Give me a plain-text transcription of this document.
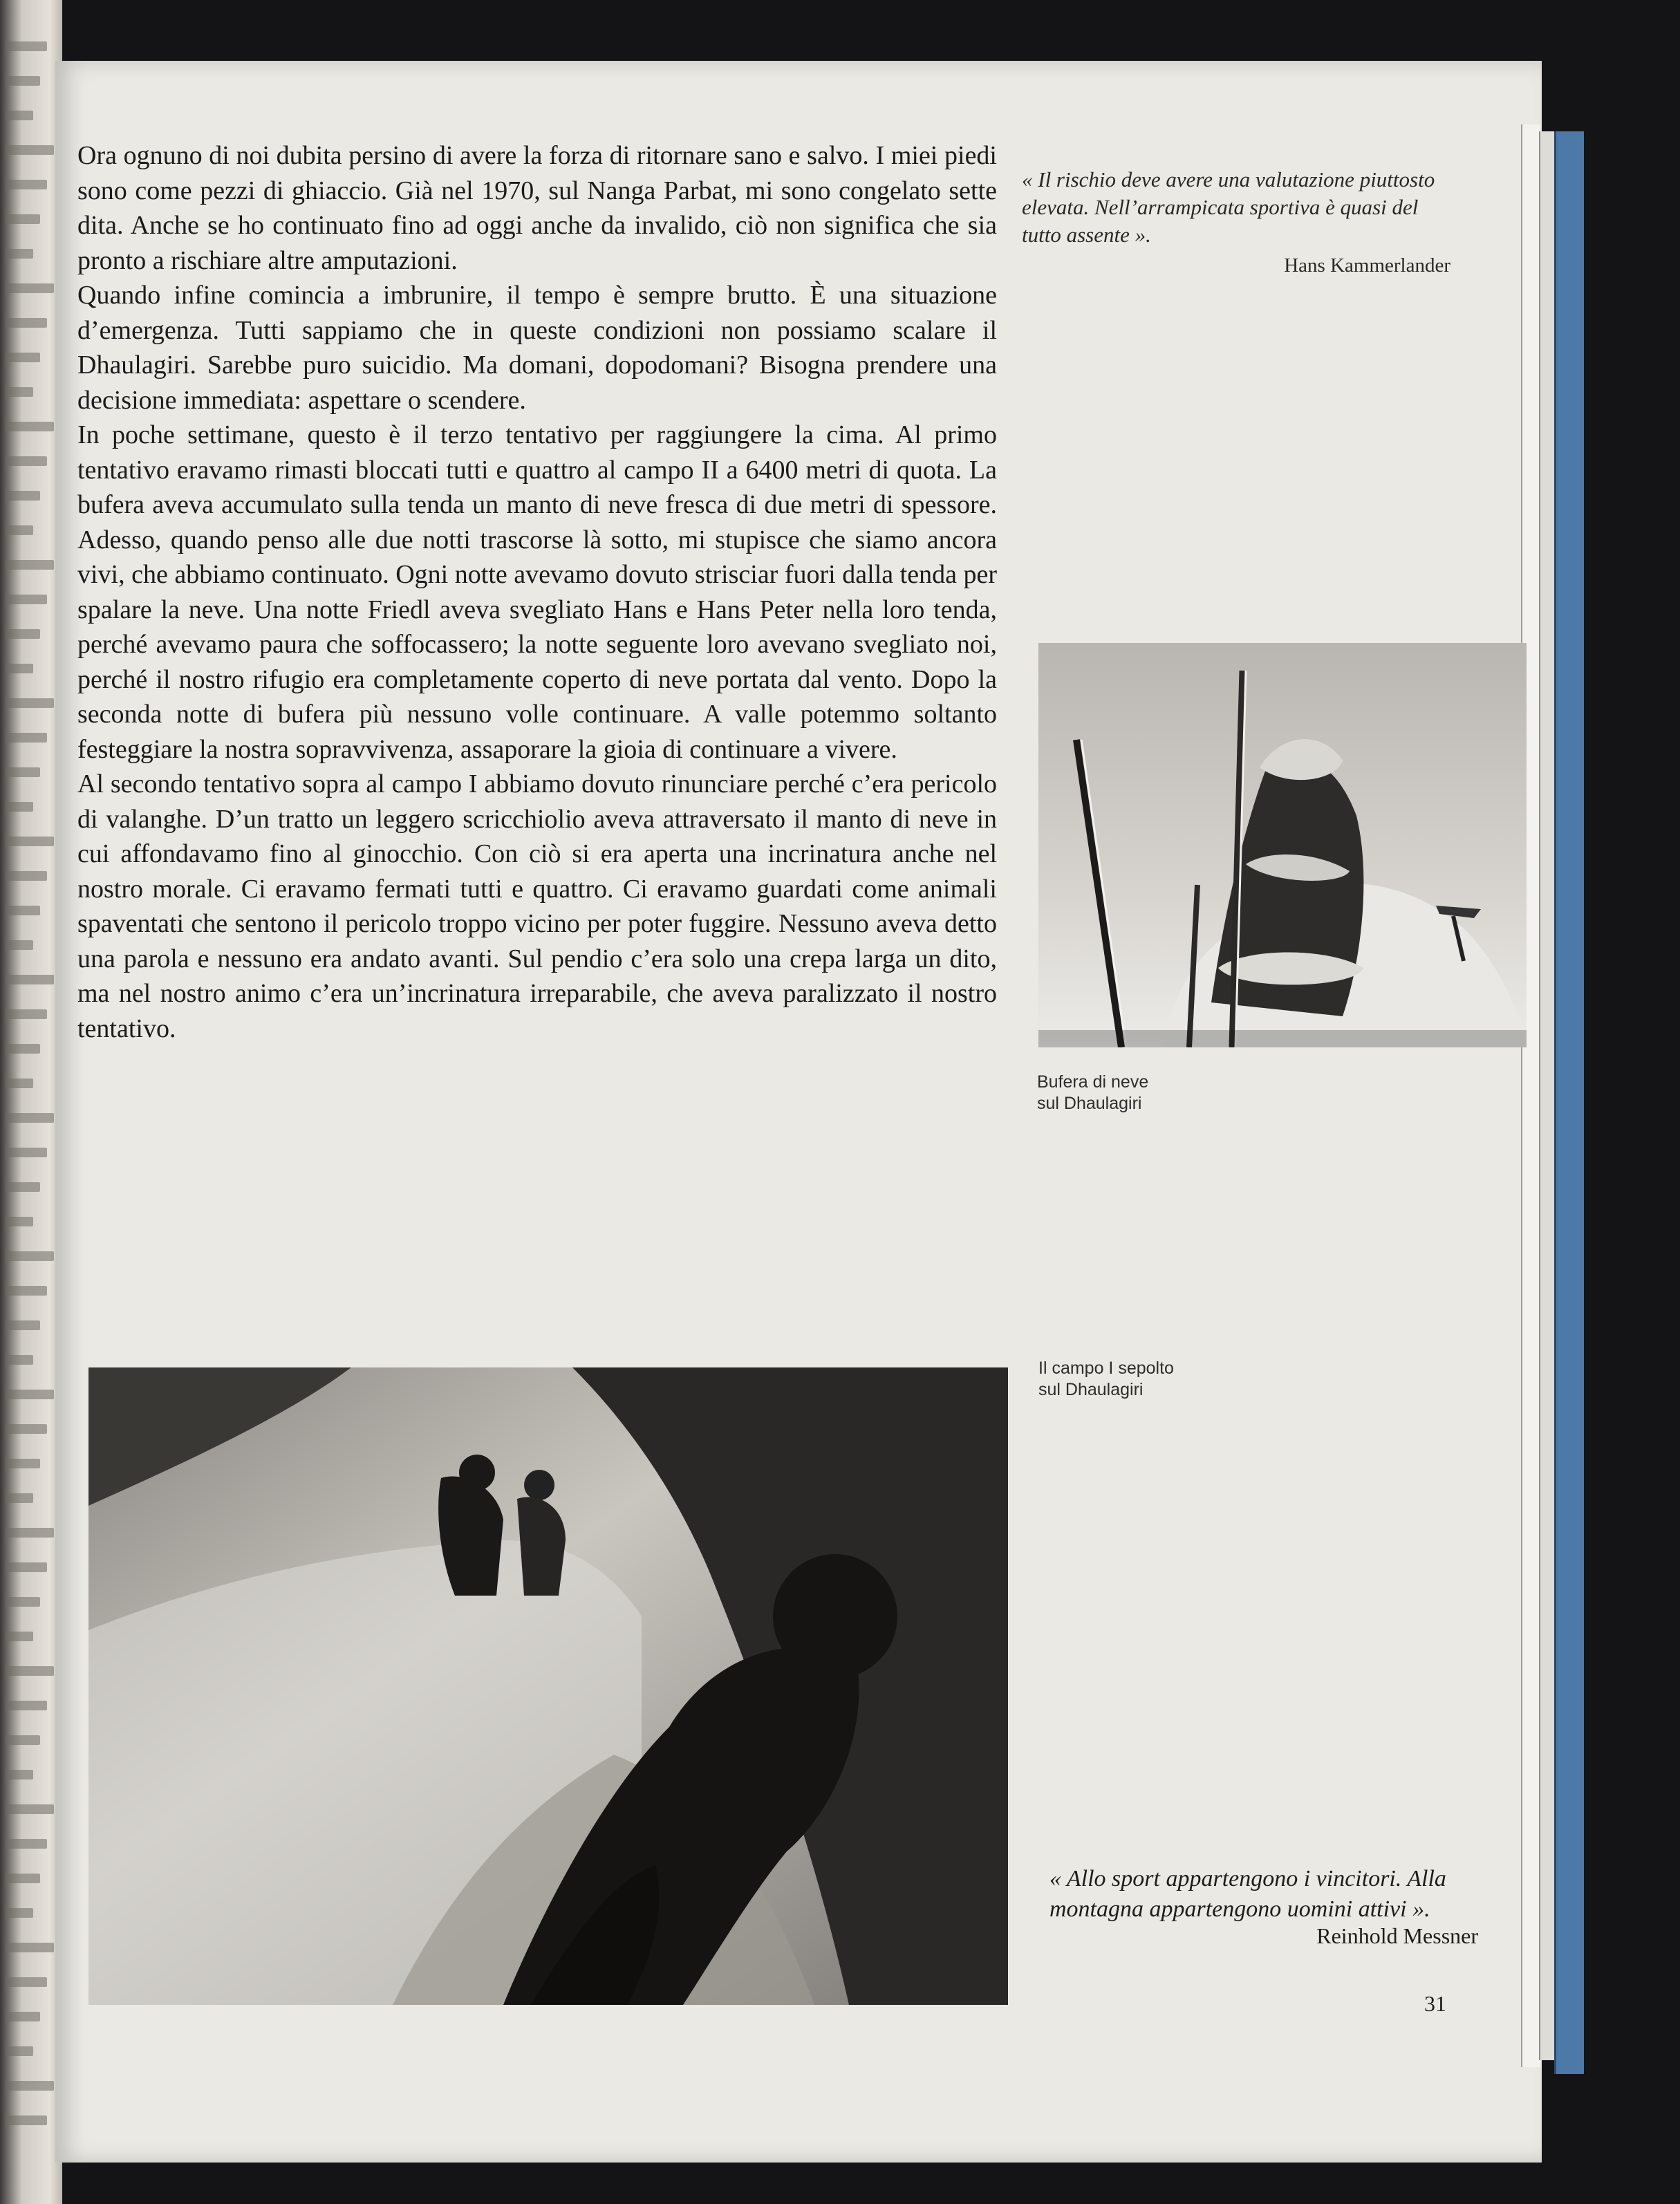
Ora ognuno di noi dubita persino di avere la forza di ritornare sano e salvo. I miei piedi sono come pezzi di ghiaccio. Già nel 1970, sul Nanga Parbat, mi sono congelato sette dita. Anche se ho continuato fino ad oggi anche da invalido, ciò non significa che sia pronto a rischiare altre amputazioni.

Quando infine comincia a imbrunire, il tempo è sempre brutto. È una situazione d’emergenza. Tutti sappiamo che in queste condizioni non possiamo scalare il Dhaulagiri. Sarebbe puro suicidio. Ma domani, dopodomani? Bisogna prendere una decisione immediata: aspettare o scendere.

In poche settimane, questo è il terzo tentativo per raggiungere la cima. Al primo tentativo eravamo rimasti bloccati tutti e quattro al campo II a 6400 metri di quota. La bufera aveva accumulato sulla tenda un manto di neve fresca di due metri di spessore. Adesso, quando penso alle due notti trascorse là sotto, mi stupisce che siamo ancora vivi, che abbiamo continuato. Ogni notte avevamo dovuto strisciar fuori dalla tenda per spalare la neve. Una notte Friedl aveva svegliato Hans e Hans Peter nella loro tenda, perché avevamo paura che soffocassero; la notte seguente loro avevano svegliato noi, perché il nostro rifugio era completamente coperto di neve portata dal vento. Dopo la seconda notte di bufera più nessuno volle continuare. A valle potemmo soltanto festeggiare la nostra sopravvivenza, assaporare la gioia di continuare a vivere.

Al secondo tentativo sopra al campo I abbiamo dovuto rinunciare perché c’era pericolo di valanghe. D’un tratto un leggero scricchiolio aveva attraversato il manto di neve in cui affondavamo fino al ginocchio. Con ciò si era aperta una incrinatura anche nel nostro morale. Ci eravamo fermati tutti e quattro. Ci eravamo guardati come animali spaventati che sentono il pericolo troppo vicino per poter fuggire. Nessuno aveva detto una parola e nessuno era andato avanti. Sul pendio c’era solo una crepa larga un dito, ma nel nostro animo c’era un’incrinatura irreparabile, che aveva paralizzato il nostro tentativo.

« Il rischio deve avere una valutazione piuttosto elevata. Nell’arrampicata sportiva è quasi del tutto assente ».
Hans Kammerlander
Bufera di neve
sul Dhaulagiri
Il campo I sepolto
sul Dhaulagiri
« Allo sport appartengono i vincitori. Alla montagna appartengono uomini attivi ».
Reinhold Messner
31
